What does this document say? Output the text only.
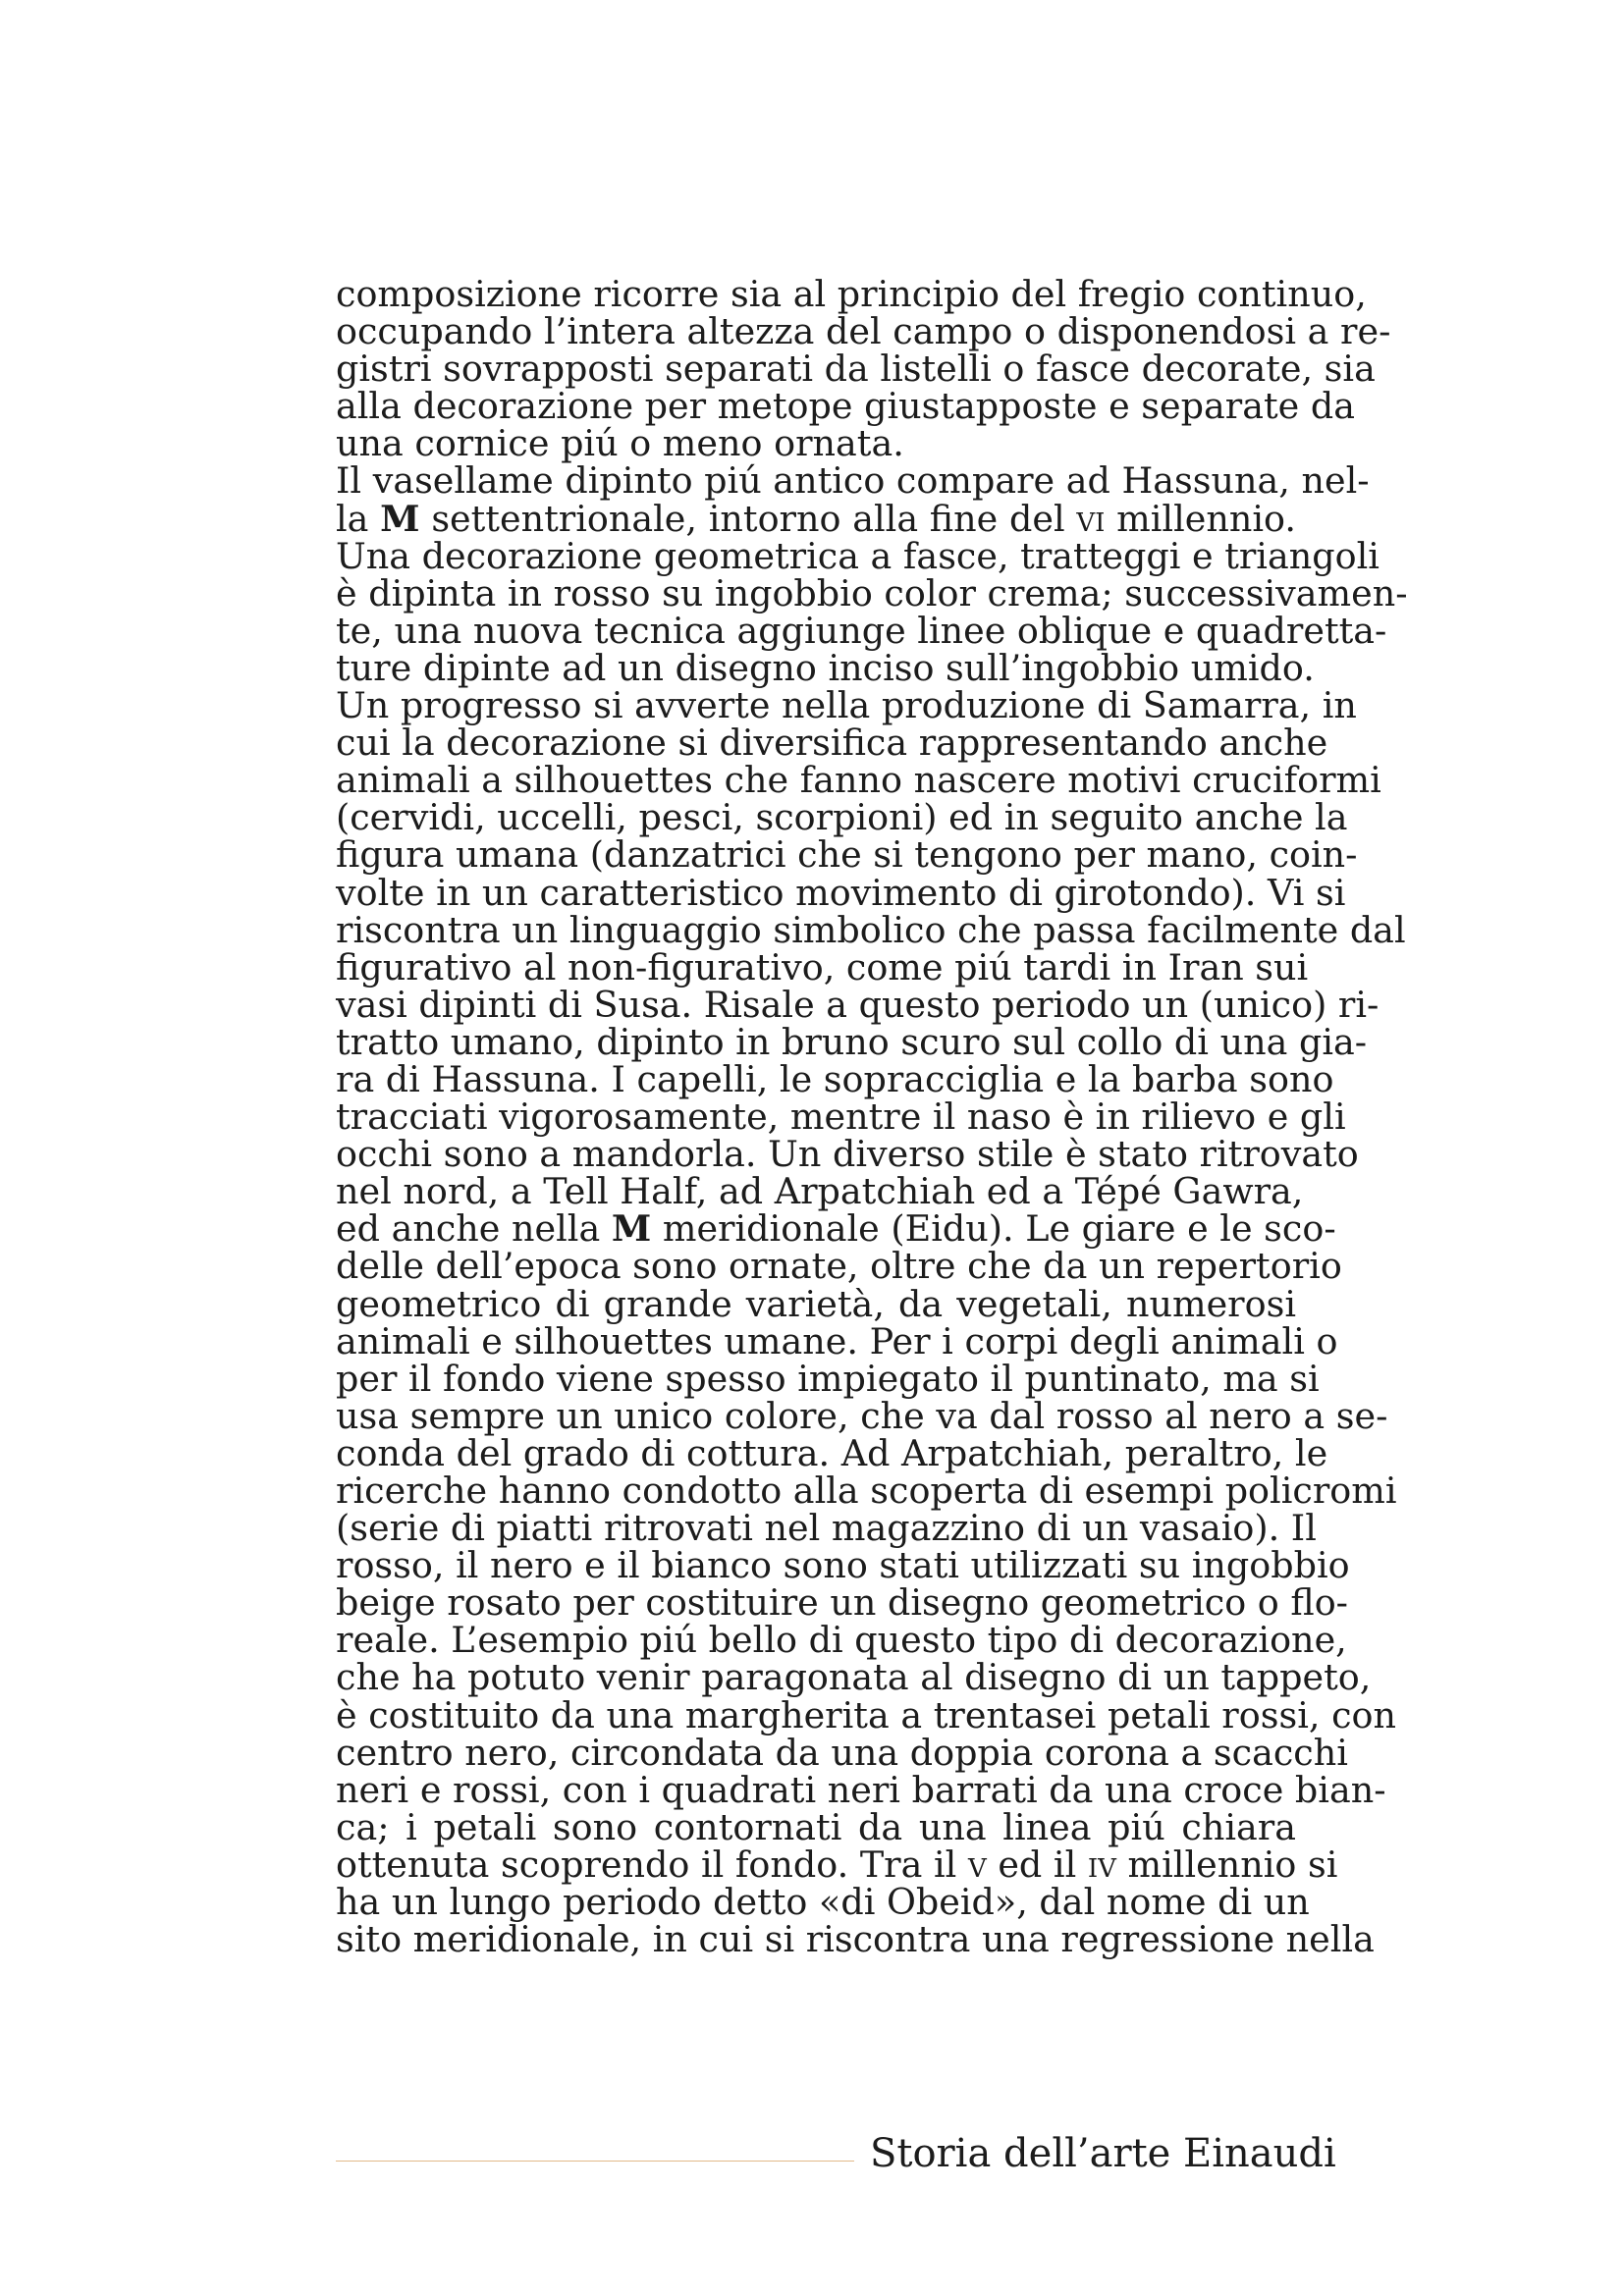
composizione ricorre sia al principio del fregio continuo,
occupando l’intera altezza del campo o disponendosi a re-
gistri sovrapposti separati da listelli o fasce decorate, sia
alla decorazione per metope giustapposte e separate da
una cornice piú o meno ornata.
Il vasellame dipinto piú antico compare ad Hassuna, nel-
la M settentrionale, intorno alla fine del vi millennio.
Una decorazione geometrica a fasce, tratteggi e triangoli
è dipinta in rosso su ingobbio color crema; successivamen-
te, una nuova tecnica aggiunge linee oblique e quadretta-
ture dipinte ad un disegno inciso sull’ingobbio umido.
Un progresso si avverte nella produzione di Samarra, in
cui la decorazione si diversifica rappresentando anche
animali a silhouettes che fanno nascere motivi cruciformi
(cervidi, uccelli, pesci, scorpioni) ed in seguito anche la
figura umana (danzatrici che si tengono per mano, coin-
volte in un caratteristico movimento di girotondo). Vi si
riscontra un linguaggio simbolico che passa facilmente dal
figurativo al non-figurativo, come piú tardi in Iran sui
vasi dipinti di Susa. Risale a questo periodo un (unico) ri-
tratto umano, dipinto in bruno scuro sul collo di una gia-
ra di Hassuna. I capelli, le sopracciglia e la barba sono
tracciati vigorosamente, mentre il naso è in rilievo e gli
occhi sono a mandorla. Un diverso stile è stato ritrovato
nel nord, a Tell Half, ad Arpatchiah ed a Tépé Gawra,
ed anche nella M meridionale (Eidu). Le giare e le sco-
delle dell’epoca sono ornate, oltre che da un repertorio
geometrico di grande varietà, da vegetali, numerosi
animali e silhouettes umane. Per i corpi degli animali o
per il fondo viene spesso impiegato il puntinato, ma si
usa sempre un unico colore, che va dal rosso al nero a se-
conda del grado di cottura. Ad Arpatchiah, peraltro, le
ricerche hanno condotto alla scoperta di esempi policromi
(serie di piatti ritrovati nel magazzino di un vasaio). Il
rosso, il nero e il bianco sono stati utilizzati su ingobbio
beige rosato per costituire un disegno geometrico o flo-
reale. L’esempio piú bello di questo tipo di decorazione,
che ha potuto venir paragonata al disegno di un tappeto,
è costituito da una margherita a trentasei petali rossi, con
centro nero, circondata da una doppia corona a scacchi
neri e rossi, con i quadrati neri barrati da una croce bian-
ca; i petali sono contornati da una linea piú chiara
ottenuta scoprendo il fondo. Tra il v ed il iv millennio si
ha un lungo periodo detto «di Obeid», dal nome di un
sito meridionale, in cui si riscontra una regressione nella
Storia dell’arte Einaudi
